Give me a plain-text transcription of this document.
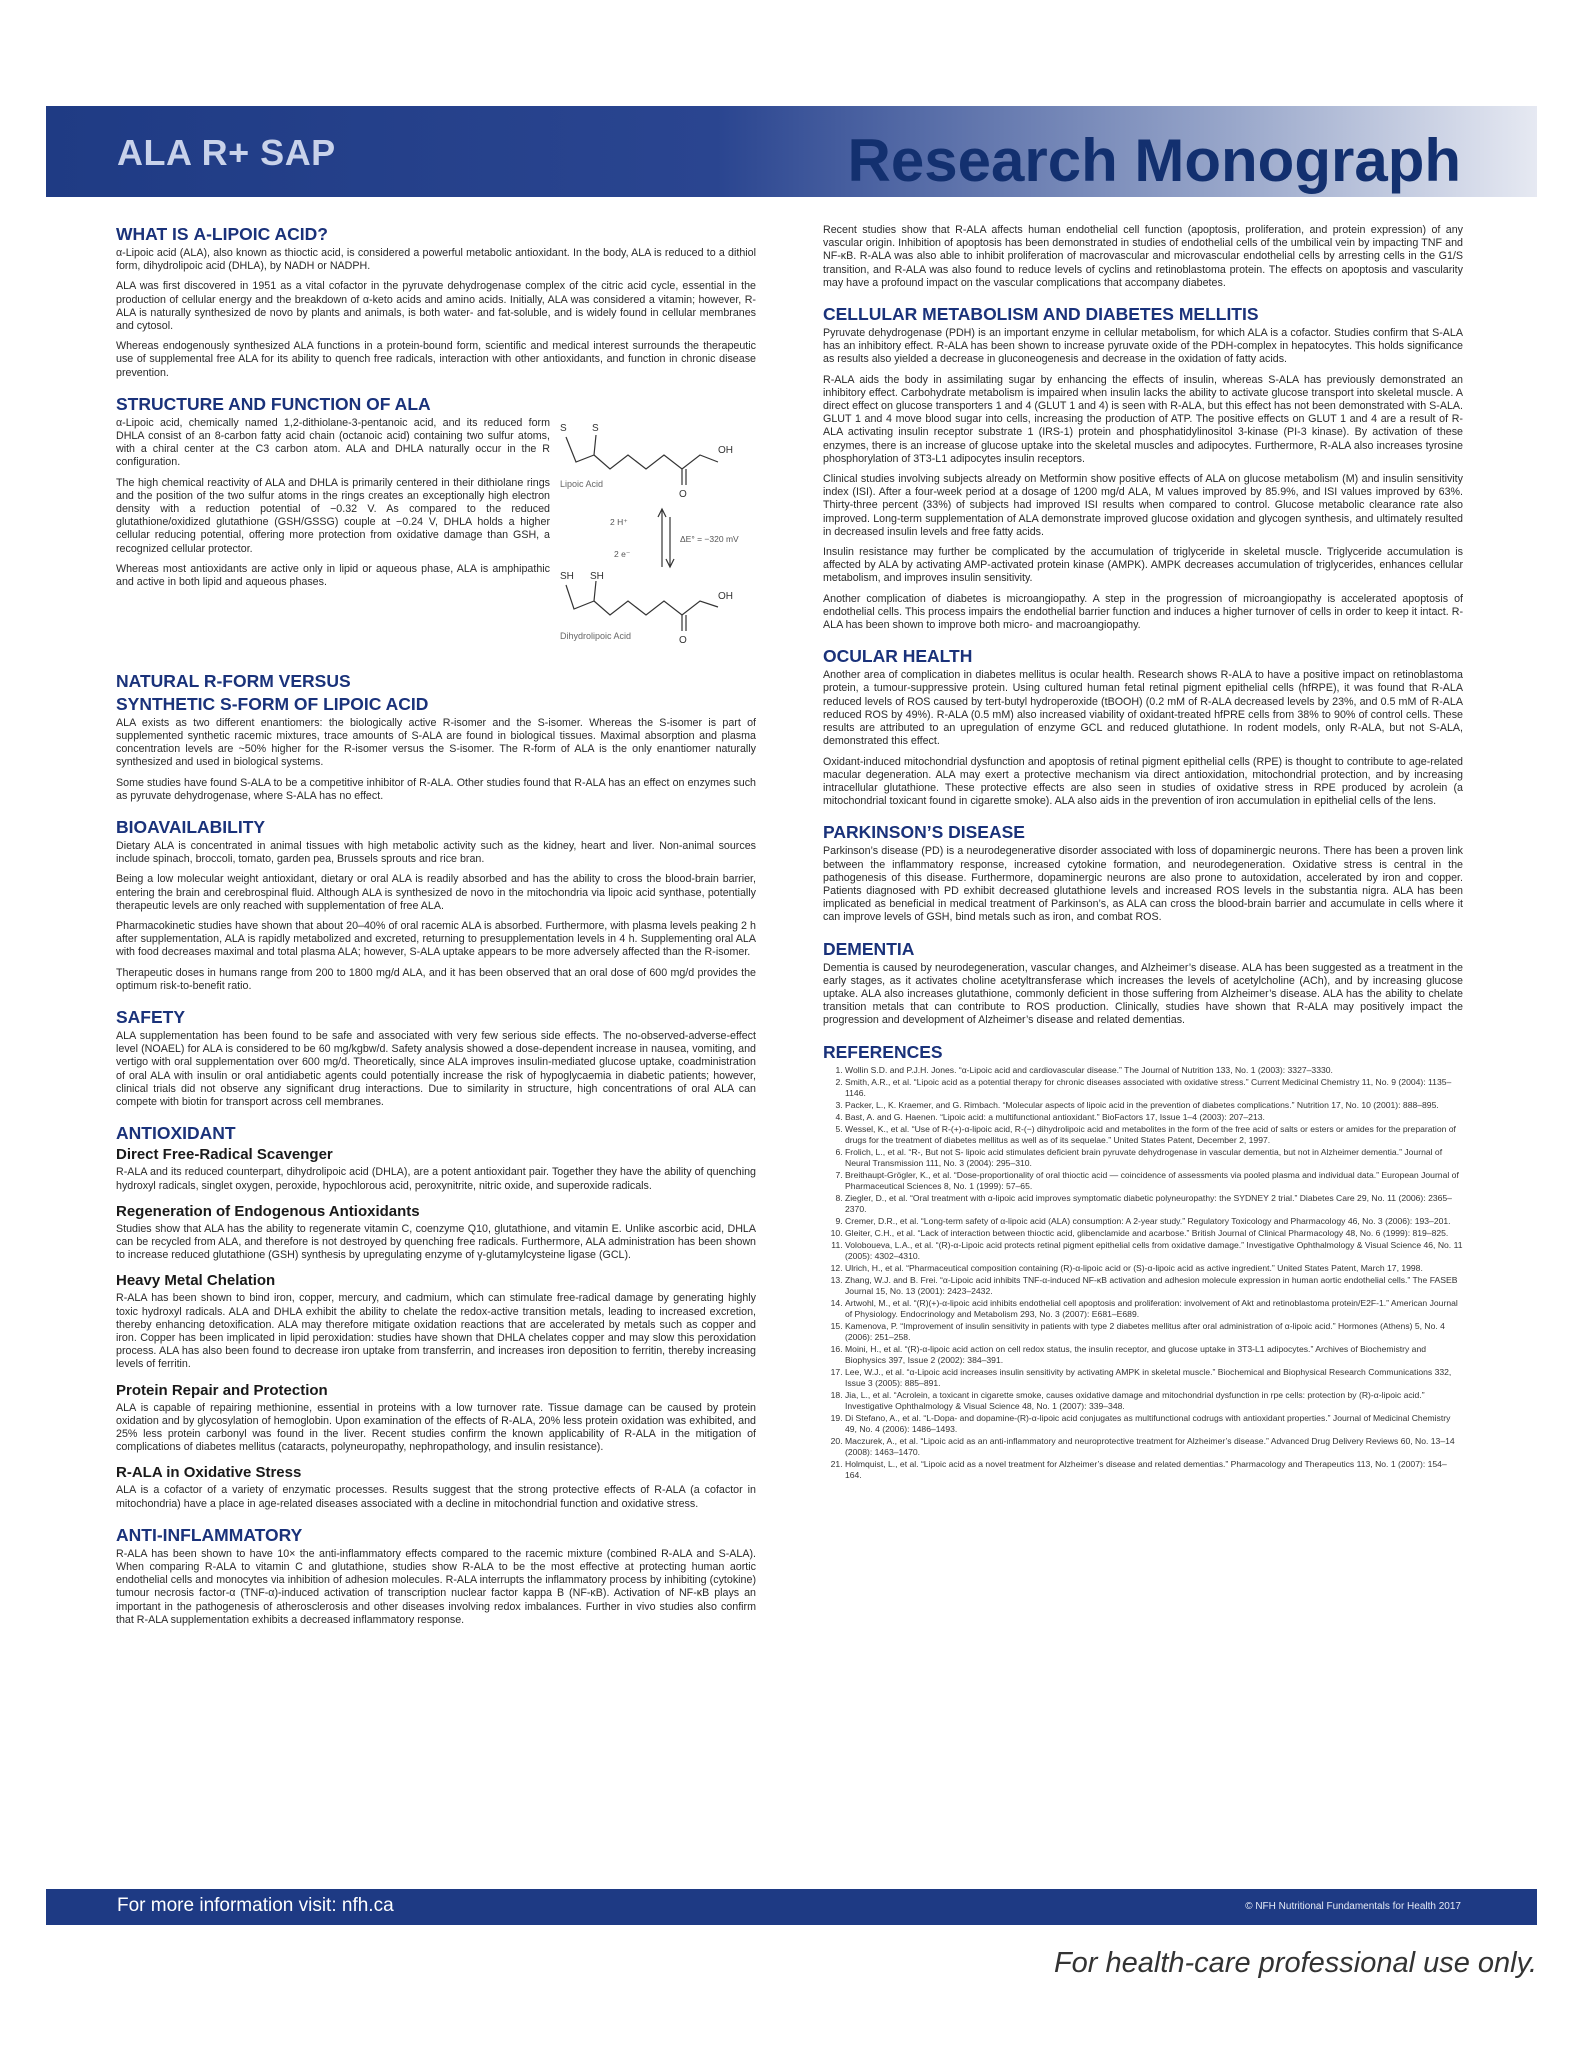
ALA R+ SAP	Research Monograph
WHAT IS Α-LIPOIC ACID?

α-Lipoic acid (ALA), also known as thioctic acid, is considered a powerful metabolic antioxidant. In the body, ALA is reduced to a dithiol form, dihydrolipoic acid (DHLA), by NADH or NADPH.

ALA was first discovered in 1951 as a vital cofactor in the pyruvate dehydrogenase complex of the citric acid cycle, essential in the production of cellular energy and the breakdown of α-keto acids and amino acids. Initially, ALA was considered a vitamin; however, R-ALA is naturally synthesized de novo by plants and animals, is both water- and fat-soluble, and is widely found in cellular membranes and cytosol.

Whereas endogenously synthesized ALA functions in a protein-bound form, scientific and medical interest surrounds the therapeutic use of supplemental free ALA for its ability to quench free radicals, interaction with other antioxidants, and function in chronic disease prevention.

STRUCTURE AND FUNCTION OF ALA

α-Lipoic acid, chemically named 1,2-dithiolane-3-pentanoic acid, and its reduced form DHLA consist of an 8-carbon fatty acid chain (octanoic acid) containing two sulfur atoms, with a chiral center at the C3 carbon atom. ALA and DHLA naturally occur in the R configuration.

The high chemical reactivity of ALA and DHLA is primarily centered in their dithiolane rings and the position of the two sulfur atoms in the rings creates an exceptionally high electron density with a reduction potential of −0.32 V. As compared to the reduced glutathione/oxidized glutathione (GSH/GSSG) couple at −0.24 V, DHLA holds a higher cellular reducing potential, offering more protection from oxidative damage than GSH, a recognized cellular protector.

Whereas most antioxidants are active only in lipid or aqueous phase, ALA is amphipathic and active in both lipid and aqueous phases.

S	S
OH
O
Lipoic Acid
2 H⁺
2 e⁻
ΔE° = −320 mV
SH SH
OH
O
Dihydrolipoic Acid
NATURAL R-FORM VERSUS
SYNTHETIC S-FORM OF LIPOIC ACID

ALA exists as two different enantiomers: the biologically active R-isomer and the S-isomer. Whereas the S-isomer is part of supplemented synthetic racemic mixtures, trace amounts of S-ALA are found in biological tissues. Maximal absorption and plasma concentration levels are ~50% higher for the R-isomer versus the S-isomer. The R-form of ALA is the only enantiomer naturally synthesized and used in biological systems.

Some studies have found S-ALA to be a competitive inhibitor of R-ALA. Other studies found that R-ALA has an effect on enzymes such as pyruvate dehydrogenase, where S-ALA has no effect.

BIOAVAILABILITY

Dietary ALA is concentrated in animal tissues with high metabolic activity such as the kidney, heart and liver. Non-animal sources include spinach, broccoli, tomato, garden pea, Brussels sprouts and rice bran.

Being a low molecular weight antioxidant, dietary or oral ALA is readily absorbed and has the ability to cross the blood-brain barrier, entering the brain and cerebrospinal fluid. Although ALA is synthesized de novo in the mitochondria via lipoic acid synthase, potentially therapeutic levels are only reached with supplementation of free ALA.

Pharmacokinetic studies have shown that about 20–40% of oral racemic ALA is absorbed. Furthermore, with plasma levels peaking 2 h after supplementation, ALA is rapidly metabolized and excreted, returning to presupplementation levels in 4 h. Supplementing oral ALA with food decreases maximal and total plasma ALA; however, S-ALA uptake appears to be more adversely affected than the R-isomer.

Therapeutic doses in humans range from 200 to 1800 mg/d ALA, and it has been observed that an oral dose of 600 mg/d provides the optimum risk-to-benefit ratio.

SAFETY

ALA supplementation has been found to be safe and associated with very few serious side effects. The no-observed-adverse-effect level (NOAEL) for ALA is considered to be 60 mg/kgbw/d. Safety analysis showed a dose-dependent increase in nausea, vomiting, and vertigo with oral supplementation over 600 mg/d. Theoretically, since ALA improves insulin-mediated glucose uptake, coadministration of oral ALA with insulin or oral antidiabetic agents could potentially increase the risk of hypoglycaemia in diabetic patients; however, clinical trials did not observe any significant drug interactions. Due to similarity in structure, high concentrations of oral ALA can compete with biotin for transport across cell membranes.

ANTIOXIDANT
Direct Free-Radical Scavenger

R-ALA and its reduced counterpart, dihydrolipoic acid (DHLA), are a potent antioxidant pair. Together they have the ability of quenching hydroxyl radicals, singlet oxygen, peroxide, hypochlorous acid, peroxynitrite, nitric oxide, and superoxide radicals.

Regeneration of Endogenous Antioxidants

Studies show that ALA has the ability to regenerate vitamin C, coenzyme Q10, glutathione, and vitamin E. Unlike ascorbic acid, DHLA can be recycled from ALA, and therefore is not destroyed by quenching free radicals. Furthermore, ALA administration has been shown to increase reduced glutathione (GSH) synthesis by upregulating enzyme of γ-glutamylcysteine ligase (GCL).

Heavy Metal Chelation

R-ALA has been shown to bind iron, copper, mercury, and cadmium, which can stimulate free-radical damage by generating highly toxic hydroxyl radicals. ALA and DHLA exhibit the ability to chelate the redox-active transition metals, leading to increased excretion, thereby enhancing detoxification. ALA may therefore mitigate oxidation reactions that are accelerated by metals such as copper and iron. Copper has been implicated in lipid peroxidation: studies have shown that DHLA chelates copper and may slow this peroxidation process. ALA has also been found to decrease iron uptake from transferrin, and increases iron deposition to ferritin, thereby increasing levels of ferritin.

Protein Repair and Protection

ALA is capable of repairing methionine, essential in proteins with a low turnover rate. Tissue damage can be caused by protein oxidation and by glycosylation of hemoglobin. Upon examination of the effects of R-ALA, 20% less protein oxidation was exhibited, and 25% less protein carbonyl was found in the liver. Recent studies confirm the known applicability of R-ALA in the mitigation of complications of diabetes mellitus (cataracts, polyneuropathy, nephropathology, and insulin resistance).

R-ALA in Oxidative Stress

ALA is a cofactor of a variety of enzymatic processes. Results suggest that the strong protective effects of R-ALA (a cofactor in mitochondria) have a place in age-related diseases associated with a decline in mitochondrial function and oxidative stress.

ANTI-INFLAMMATORY

R-ALA has been shown to have 10× the anti-inflammatory effects compared to the racemic mixture (combined R-ALA and S-ALA). When comparing R-ALA to vitamin C and glutathione, studies show R-ALA to be the most effective at protecting human aortic endothelial cells and monocytes via inhibition of adhesion molecules. R-ALA interrupts the inflammatory process by inhibiting (cytokine) tumour necrosis factor-α (TNF-α)-induced activation of transcription nuclear factor kappa B (NF-κB). Activation of NF-κB plays an important in the pathogenesis of atherosclerosis and other diseases involving redox imbalances. Further in vivo studies also confirm that R-ALA supplementation exhibits a decreased inflammatory response.

Recent studies show that R-ALA affects human endothelial cell function (apoptosis, proliferation, and protein expression) of any vascular origin. Inhibition of apoptosis has been demonstrated in studies of endothelial cells of the umbilical vein by impacting TNF and NF-κB. R-ALA was also able to inhibit proliferation of macrovascular and microvascular endothelial cells by arresting cells in the G1/S transition, and R-ALA was also found to reduce levels of cyclins and retinoblastoma protein. The effects on apoptosis and vascularity may have a profound impact on the vascular complications that accompany diabetes.

CELLULAR METABOLISM AND DIABETES MELLITIS

Pyruvate dehydrogenase (PDH) is an important enzyme in cellular metabolism, for which ALA is a cofactor. Studies confirm that S-ALA has an inhibitory effect. R-ALA has been shown to increase pyruvate oxide of the PDH-complex in hepatocytes. This holds significance as results also yielded a decrease in gluconeogenesis and decrease in the oxidation of fatty acids.

R-ALA aids the body in assimilating sugar by enhancing the effects of insulin, whereas S-ALA has previously demonstrated an inhibitory effect. Carbohydrate metabolism is impaired when insulin lacks the ability to activate glucose transport into skeletal muscle. A direct effect on glucose transporters 1 and 4 (GLUT 1 and 4) is seen with R-ALA, but this effect has not been demonstrated with S-ALA. GLUT 1 and 4 move blood sugar into cells, increasing the production of ATP. The positive effects on GLUT 1 and 4 are a result of R-ALA activating insulin receptor substrate 1 (IRS-1) protein and phosphatidylinositol 3-kinase (PI-3 kinase). By activation of these enzymes, there is an increase of glucose uptake into the skeletal muscles and adipocytes. Furthermore, R-ALA also increases tyrosine phosphorylation of 3T3-L1 adipocytes insulin receptors.

Clinical studies involving subjects already on Metformin show positive effects of ALA on glucose metabolism (M) and insulin sensitivity index (ISI). After a four-week period at a dosage of 1200 mg/d ALA, M values improved by 85.9%, and ISI values improved by 63%. Thirty-three percent (33%) of subjects had improved ISI results when compared to control. Glucose metabolic clearance rate also improved. Long-term supplementation of ALA demonstrate improved glucose oxidation and glycogen synthesis, and ultimately resulted in decreased insulin levels and free fatty acids.

Insulin resistance may further be complicated by the accumulation of triglyceride in skeletal muscle. Triglyceride accumulation is affected by ALA by activating AMP-activated protein kinase (AMPK). AMPK decreases accumulation of triglycerides, enhances cellular metabolism, and improves insulin sensitivity.

Another complication of diabetes is microangiopathy. A step in the progression of microangiopathy is accelerated apoptosis of endothelial cells. This process impairs the endothelial barrier function and induces a higher turnover of cells in order to keep it intact. R-ALA has been shown to improve both micro- and macroangiopathy.

OCULAR HEALTH

Another area of complication in diabetes mellitus is ocular health. Research shows R-ALA to have a positive impact on retinoblastoma protein, a tumour-suppressive protein. Using cultured human fetal retinal pigment epithelial cells (hfRPE), it was found that R-ALA reduced levels of ROS caused by tert-butyl hydroperoxide (tBOOH) (0.2 mM of R-ALA decreased levels by 23%, and 0.5 mM of R-ALA reduced ROS by 49%). R-ALA (0.5 mM) also increased viability of oxidant-treated hfPRE cells from 38% to 90% of control cells. These results are attributed to an upregulation of enzyme GCL and reduced glutathione. In rodent models, only R-ALA, but not S-ALA, demonstrated this effect.

Oxidant-induced mitochondrial dysfunction and apoptosis of retinal pigment epithelial cells (RPE) is thought to contribute to age-related macular degeneration. ALA may exert a protective mechanism via direct antioxidation, mitochondrial protection, and by increasing intracellular glutathione. These protective effects are also seen in studies of oxidative stress in RPE produced by acrolein (a mitochondrial toxicant found in cigarette smoke). ALA also aids in the prevention of iron accumulation in epithelial cells of the lens.

PARKINSON’S DISEASE

Parkinson’s disease (PD) is a neurodegenerative disorder associated with loss of dopaminergic neurons. There has been a proven link between the inflammatory response, increased cytokine formation, and neurodegeneration. Oxidative stress is central in the pathogenesis of this disease. Furthermore, dopaminergic neurons are also prone to autoxidation, accelerated by iron and copper. Patients diagnosed with PD exhibit decreased glutathione levels and increased ROS levels in the substantia nigra. ALA has been implicated as beneficial in medical treatment of Parkinson’s, as ALA can cross the blood-brain barrier and accumulate in cells where it can improve levels of GSH, bind metals such as iron, and combat ROS.

DEMENTIA

Dementia is caused by neurodegeneration, vascular changes, and Alzheimer’s disease. ALA has been suggested as a treatment in the early stages, as it activates choline acetyltransferase which increases the levels of acetylcholine (ACh), and by increasing glucose uptake. ALA also increases glutathione, commonly deficient in those suffering from Alzheimer’s disease. ALA has the ability to chelate transition metals that can contribute to ROS production. Clinically, studies have shown that R-ALA may positively impact the progression and development of Alzheimer’s disease and related dementias.

REFERENCES
1. Wollin S.D. and P.J.H. Jones. “α-Lipoic acid and cardiovascular disease.” The Journal of Nutrition 133, No. 1 (2003): 3327–3330.
2. Smith, A.R., et al. “Lipoic acid as a potential therapy for chronic diseases associated with oxidative stress.” Current Medicinal Chemistry 11, No. 9 (2004): 1135–1146.
3. Packer, L., K. Kraemer, and G. Rimbach. “Molecular aspects of lipoic acid in the prevention of diabetes complications.” Nutrition 17, No. 10 (2001): 888–895.
4. Bast, A. and G. Haenen. “Lipoic acid: a multifunctional antioxidant.” BioFactors 17, Issue 1–4 (2003): 207–213.
5. Wessel, K., et al. “Use of R-(+)-α-lipoic acid, R-(−) dihydrolipoic acid and metabolites in the form of the free acid of salts or esters or amides for the preparation of drugs for the treatment of diabetes mellitus as well as of its sequelae.” United States Patent, December 2, 1997.
6. Frolich, L., et al. “R-, But not S- lipoic acid stimulates deficient brain pyruvate dehydrogenase in vascular dementia, but not in Alzheimer dementia.” Journal of Neural Transmission 111, No. 3 (2004): 295–310.
7. Breithaupt-Grögler, K., et al. “Dose-proportionality of oral thioctic acid — coincidence of assessments via pooled plasma and individual data.” European Journal of Pharmaceutical Sciences 8, No. 1 (1999): 57–65.
8. Ziegler, D., et al. “Oral treatment with α-lipoic acid improves symptomatic diabetic polyneuropathy: the SYDNEY 2 trial.” Diabetes Care 29, No. 11 (2006): 2365–2370.
9. Cremer, D.R., et al. “Long-term safety of α-lipoic acid (ALA) consumption: A 2-year study.” Regulatory Toxicology and Pharmacology 46, No. 3 (2006): 193–201.
10. Gleiter, C.H., et al. “Lack of interaction between thioctic acid, glibenclamide and acarbose.” British Journal of Clinical Pharmacology 48, No. 6 (1999): 819–825.
11. Voloboueva, L.A., et al. “(R)-α-Lipoic acid protects retinal pigment epithelial cells from oxidative damage.” Investigative Ophthalmology & Visual Science 46, No. 11 (2005): 4302–4310.
12. Ulrich, H., et al. “Pharmaceutical composition containing (R)-α-lipoic acid or (S)-α-lipoic acid as active ingredient.” United States Patent, March 17, 1998.
13. Zhang, W.J. and B. Frei. “α-Lipoic acid inhibits TNF-α-induced NF-κB activation and adhesion molecule expression in human aortic endothelial cells.” The FASEB Journal 15, No. 13 (2001): 2423–2432.
14. Artwohl, M., et al. “(R)(+)-α-lipoic acid inhibits endothelial cell apoptosis and proliferation: involvement of Akt and retinoblastoma protein/E2F-1.” American Journal of Physiology. Endocrinology and Metabolism 293, No. 3 (2007): E681–E689.
15. Kamenova, P. “Improvement of insulin sensitivity in patients with type 2 diabetes mellitus after oral administration of α-lipoic acid.” Hormones (Athens) 5, No. 4 (2006): 251–258.
16. Moini, H., et al. “(R)-α-lipoic acid action on cell redox status, the insulin receptor, and glucose uptake in 3T3-L1 adipocytes.” Archives of Biochemistry and Biophysics 397, Issue 2 (2002): 384–391.
17. Lee, W.J., et al. “α-Lipoic acid increases insulin sensitivity by activating AMPK in skeletal muscle.” Biochemical and Biophysical Research Communications 332, Issue 3 (2005): 885–891.
18. Jia, L., et al. “Acrolein, a toxicant in cigarette smoke, causes oxidative damage and mitochondrial dysfunction in rpe cells: protection by (R)-α-lipoic acid.” Investigative Ophthalmology & Visual Science 48, No. 1 (2007): 339–348.
19. Di Stefano, A., et al. “L-Dopa- and dopamine-(R)-α-lipoic acid conjugates as multifunctional codrugs with antioxidant properties.” Journal of Medicinal Chemistry 49, No. 4 (2006): 1486–1493.
20. Maczurek, A., et al. “Lipoic acid as an anti-inflammatory and neuroprotective treatment for Alzheimer’s disease.” Advanced Drug Delivery Reviews 60, No. 13–14 (2008): 1463–1470.
21. Holmquist, L., et al. “Lipoic acid as a novel treatment for Alzheimer’s disease and related dementias.” Pharmacology and Therapeutics 113, No. 1 (2007): 154–164.
For more information visit: nfh.ca	© NFH Nutritional Fundamentals for Health 2017
For health-care professional use only.
